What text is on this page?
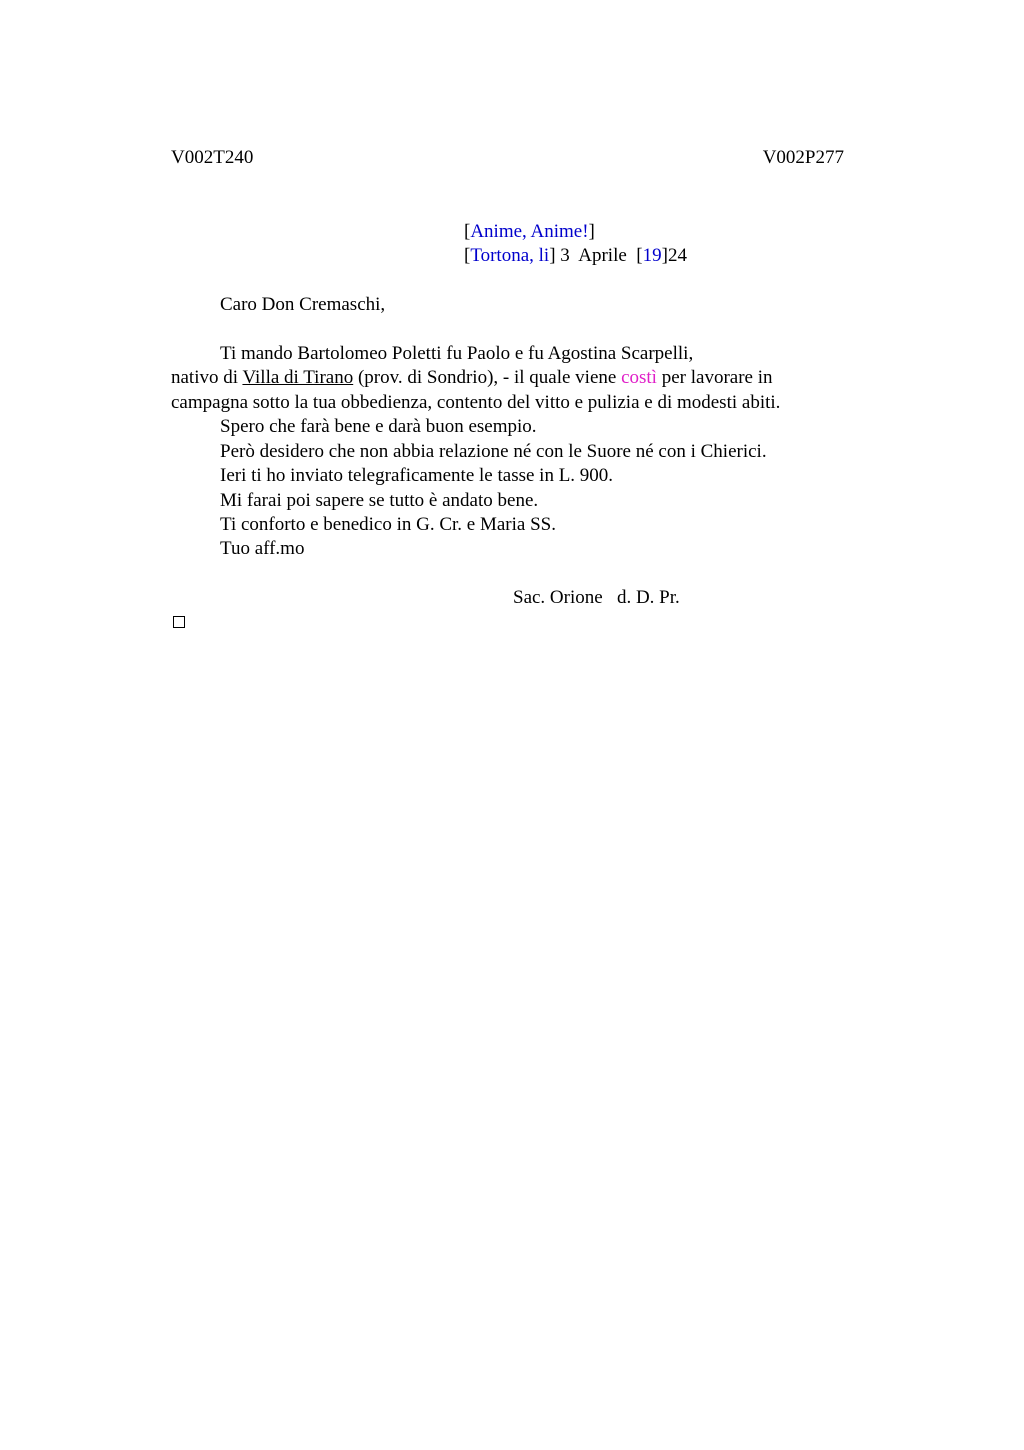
V002T240	V002P277
[Anime, Anime!]
[Tortona, li] 3  Aprile  [19]24
Caro Don Cremaschi,
Ti mando Bartolomeo Poletti fu Paolo e fu Agostina Scarpelli,
nativo di Villa di Tirano (prov. di Sondrio), - il quale viene costì per lavorare in
campagna sotto la tua obbedienza, contento del vitto e pulizia e di modesti abiti.
Spero che farà bene e darà buon esempio.
Però desidero che non abbia relazione né con le Suore né con i Chierici.
Ieri ti ho inviato telegraficamente le tasse in L. 900.
Mi farai poi sapere se tutto è andato bene.
Ti conforto e benedico in G. Cr. e Maria SS.
Tuo aff.mo
Sac. Orione   d. D. Pr.
